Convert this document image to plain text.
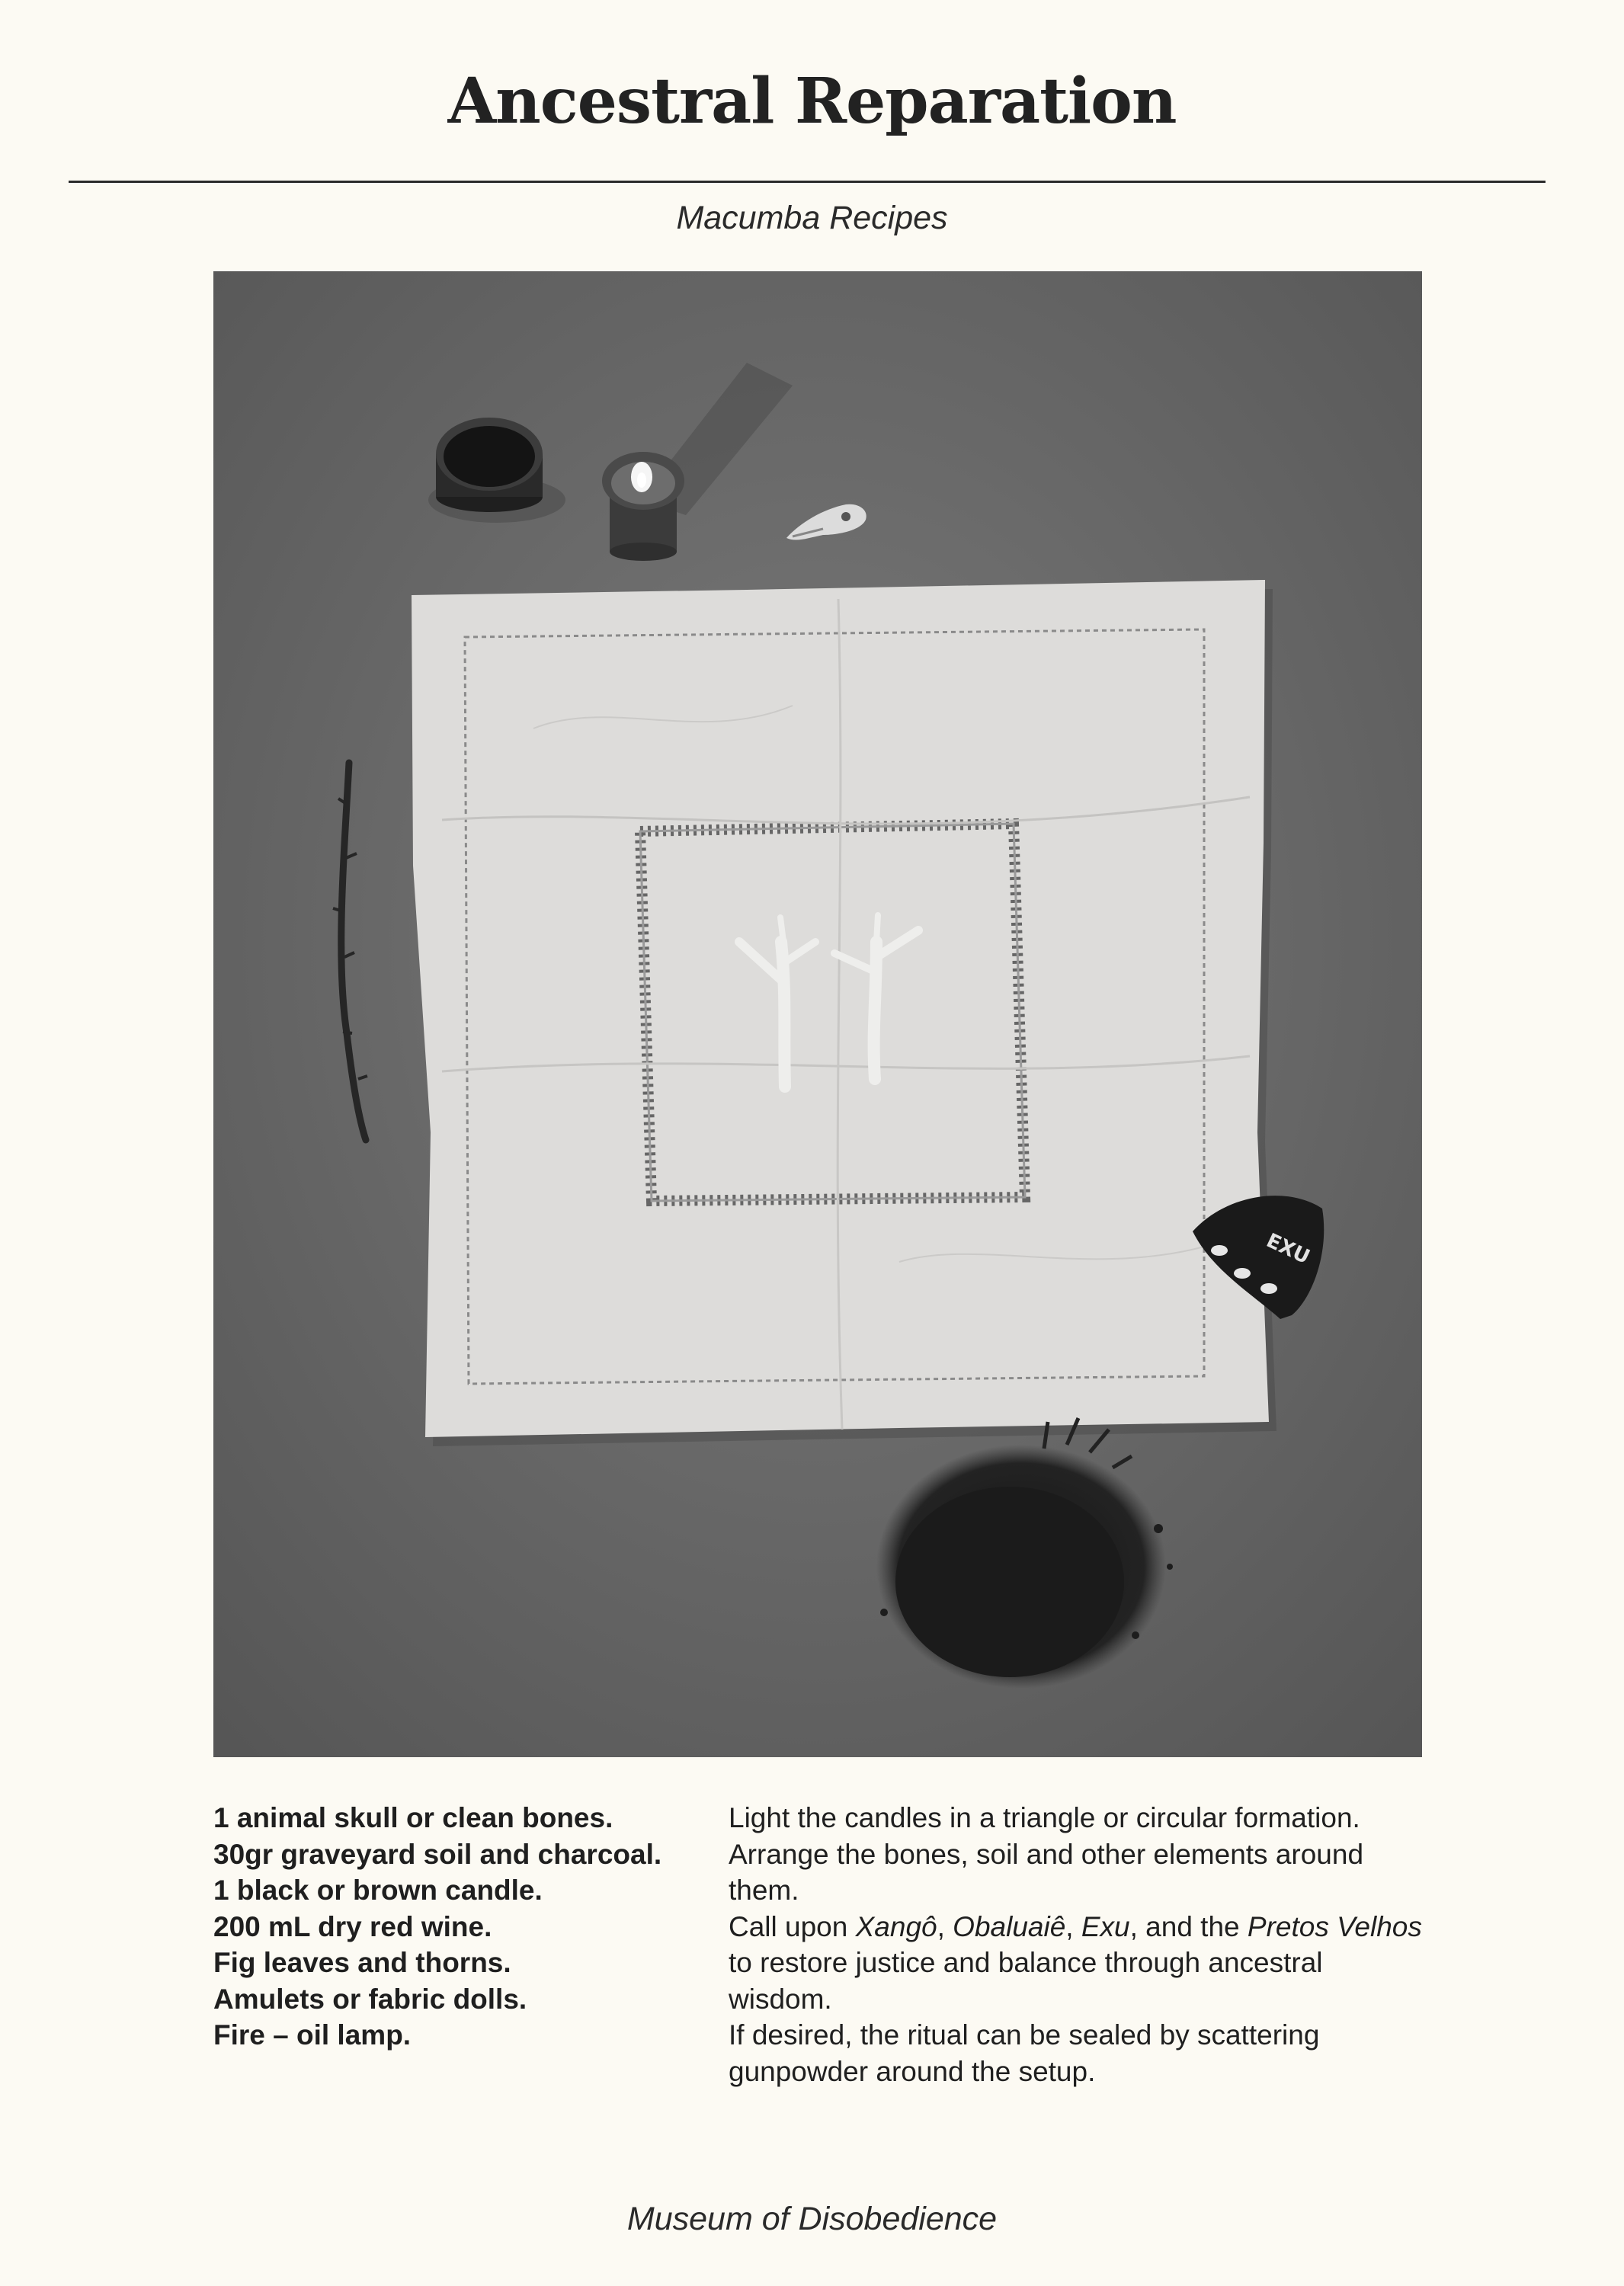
Ancestral Reparation
Macumba Recipes
EXU
1 animal skull or clean bones.
30gr graveyard soil and charcoal.
1 black or brown candle.
200 mL dry red wine.
Fig leaves and thorns.
Amulets or fabric dolls.
Fire – oil lamp.

Light the candles in a triangle or circular formation. Arrange the bones, soil and other elements around them.

Call upon Xangô, Obaluaiê, Exu, and the Pretos Velhos to restore justice and balance through ancestral wisdom.

If desired, the ritual can be sealed by scattering gunpowder around the setup.

Museum of Disobedience
